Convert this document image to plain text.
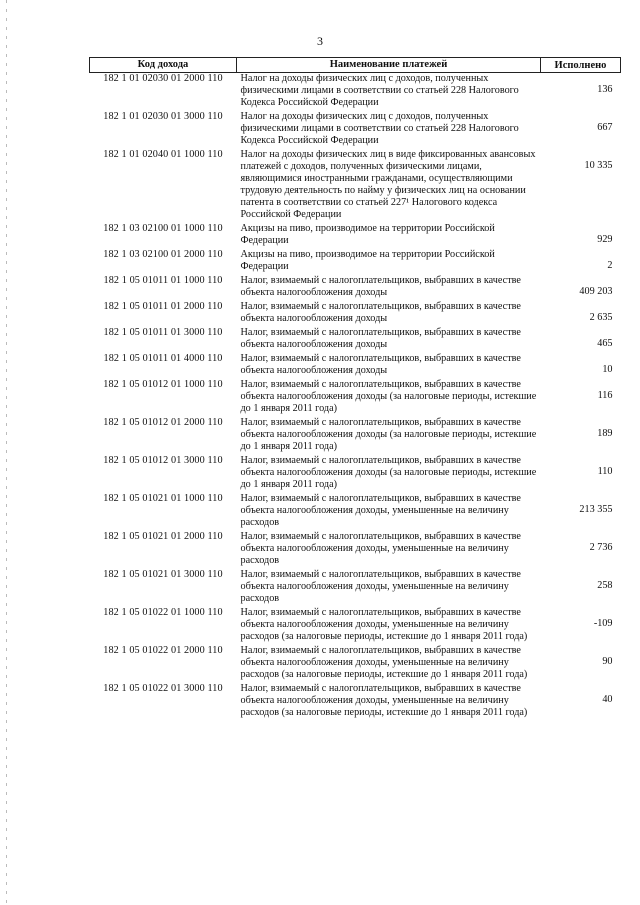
3
Код дохода	Наименование платежей	Исполнено
182 1 01 02030 01 2000 110	Налог на доходы физических лиц с доходов, полученных физическими лицами в соответствии со статьей 228 Налогового Кодекса Российской Федерации	136
182 1 01 02030 01 3000 110	Налог на доходы физических лиц с доходов, полученных физическими лицами в соответствии со статьей 228 Налогового Кодекса Российской Федерации	667
182 1 01 02040 01 1000 110	Налог на доходы физических лиц в виде фиксированных авансовых платежей с доходов, полученных физическими лицами, являющимися иностранными гражданами, осуществляющими трудовую деятельность по найму у физических лиц на основании патента в соответствии со статьей 227¹ Налогового кодекса Российской Федерации	10 335
182 1 03 02100 01 1000 110	Акцизы на пиво, производимое на территории Российской Федерации	929
182 1 03 02100 01 2000 110	Акцизы на пиво, производимое на территории Российской Федерации	2
182 1 05 01011 01 1000 110	Налог, взимаемый с налогоплательщиков, выбравших в качестве объекта налогообложения доходы	409 203
182 1 05 01011 01 2000 110	Налог, взимаемый с налогоплательщиков, выбравших в качестве объекта налогообложения доходы	2 635
182 1 05 01011 01 3000 110	Налог, взимаемый с налогоплательщиков, выбравших в качестве объекта налогообложения доходы	465
182 1 05 01011 01 4000 110	Налог, взимаемый с налогоплательщиков, выбравших в качестве объекта налогообложения доходы	10
182 1 05 01012 01 1000 110	Налог, взимаемый с налогоплательщиков, выбравших в качестве объекта налогообложения доходы (за налоговые периоды, истекшие до 1 января 2011 года)	116
182 1 05 01012 01 2000 110	Налог, взимаемый с налогоплательщиков, выбравших в качестве объекта налогообложения доходы (за налоговые периоды, истекшие до 1 января 2011 года)	189
182 1 05 01012 01 3000 110	Налог, взимаемый с налогоплательщиков, выбравших в качестве объекта налогообложения доходы (за налоговые периоды, истекшие до 1 января 2011 года)	110
182 1 05 01021 01 1000 110	Налог, взимаемый с налогоплательщиков, выбравших в качестве объекта налогообложения доходы, уменьшенные на величину расходов	213 355
182 1 05 01021 01 2000 110	Налог, взимаемый с налогоплательщиков, выбравших в качестве объекта налогообложения доходы, уменьшенные на величину расходов	2 736
182 1 05 01021 01 3000 110	Налог, взимаемый с налогоплательщиков, выбравших в качестве объекта налогообложения доходы, уменьшенные на величину расходов	258
182 1 05 01022 01 1000 110	Налог, взимаемый с налогоплательщиков, выбравших в качестве объекта налогообложения доходы, уменьшенные на величину расходов (за налоговые периоды, истекшие до 1 января 2011 года)	-109
182 1 05 01022 01 2000 110	Налог, взимаемый с налогоплательщиков, выбравших в качестве объекта налогообложения доходы, уменьшенные на величину расходов (за налоговые периоды, истекшие до 1 января 2011 года)	90
182 1 05 01022 01 3000 110	Налог, взимаемый с налогоплательщиков, выбравших в качестве объекта налогообложения доходы, уменьшенные на величину расходов (за налоговые периоды, истекшие до 1 января 2011 года)	40
